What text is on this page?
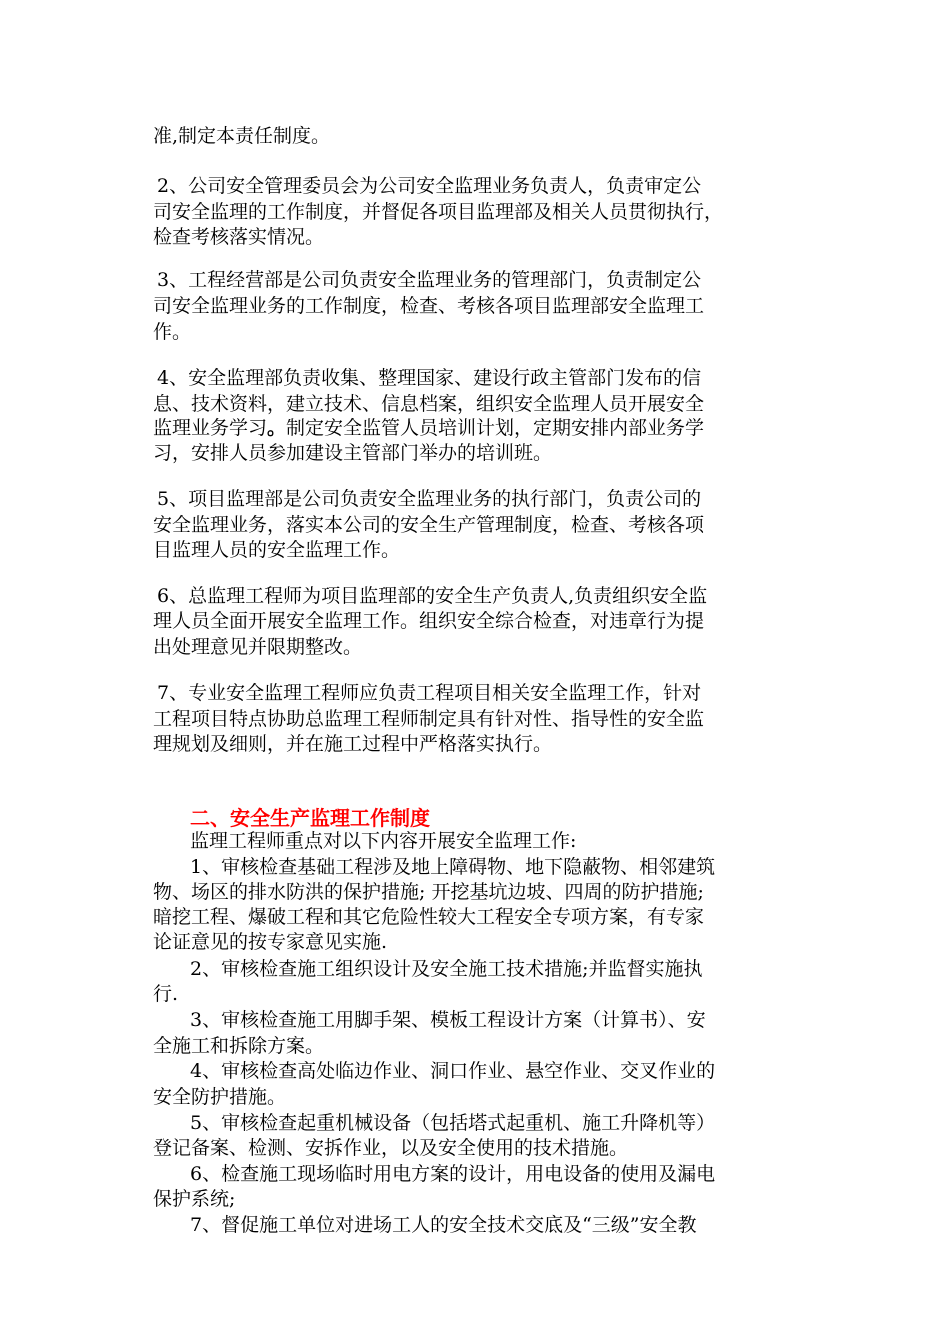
准,制定本责任制度。
2、公司安全管理委员会为公司安全监理业务负责人，负责审定公
司安全监理的工作制度，并督促各项目监理部及相关人员贯彻执行，
检查考核落实情况。
3、工程经营部是公司负责安全监理业务的管理部门，负责制定公
司安全监理业务的工作制度，检查、考核各项目监理部安全监理工
作。
4、安全监理部负责收集、整理国家、建设行政主管部门发布的信
息、技术资料，建立技术、信息档案，组织安全监理人员开展安全
监理业务学习。制定安全监管人员培训计划，定期安排内部业务学
习，安排人员参加建设主管部门举办的培训班。
5、项目监理部是公司负责安全监理业务的执行部门，负责公司的
安全监理业务，落实本公司的安全生产管理制度，检查、考核各项
目监理人员的安全监理工作。
6、总监理工程师为项目监理部的安全生产负责人,负责组织安全监
理人员全面开展安全监理工作。组织安全综合检查，对违章行为提
出处理意见并限期整改。
7、专业安全监理工程师应负责工程项目相关安全监理工作，针对
工程项目特点协助总监理工程师制定具有针对性、指导性的安全监
理规划及细则，并在施工过程中严格落实执行。
二、安全生产监理工作制度
监理工程师重点对以下内容开展安全监理工作:
1、审核检查基础工程涉及地上障碍物、地下隐蔽物、相邻建筑
物、场区的排水防洪的保护措施; 开挖基坑边坡、四周的防护措施;
暗挖工程、爆破工程和其它危险性较大工程安全专项方案，有专家
论证意见的按专家意见实施.
2、审核检查施工组织设计及安全施工技术措施;并监督实施执
行.
3、审核检查施工用脚手架、模板工程设计方案（计算书）、安
全施工和拆除方案。
4、审核检查高处临边作业、洞口作业、悬空作业、交叉作业的
安全防护措施。
5、审核检查起重机械设备（包括塔式起重机、施工升降机等）
登记备案、检测、安拆作业，以及安全使用的技术措施。
6、检查施工现场临时用电方案的设计，用电设备的使用及漏电
保护系统;
7、督促施工单位对进场工人的安全技术交底及“三级”安全教
